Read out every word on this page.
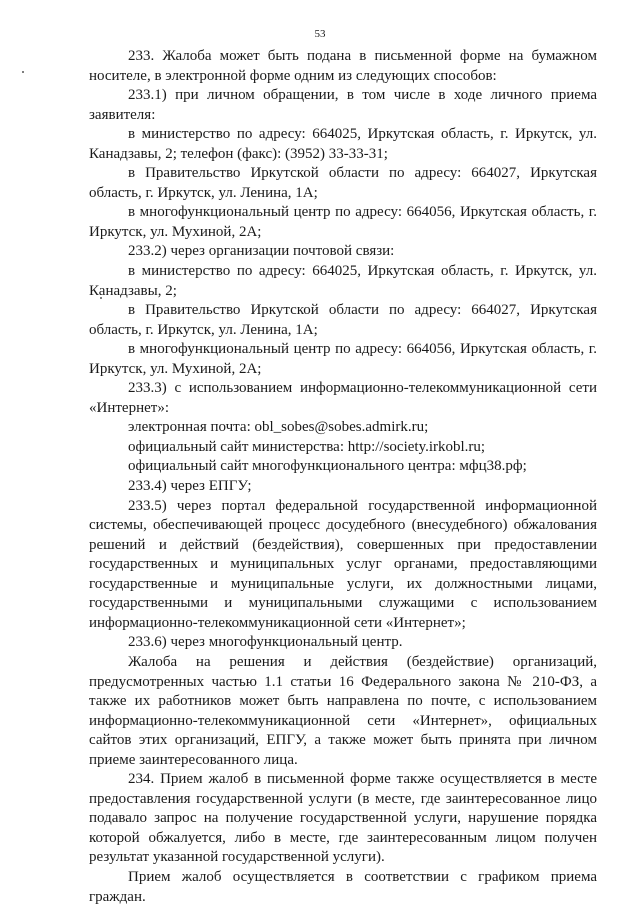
53

233. Жалоба может быть подана в письменной форме на бумажном носителе, в электронной форме одним из следующих способов:

233.1) при личном обращении, в том числе в ходе личного приема заявителя:

в министерство по адресу: 664025, Иркутская область, г. Иркутск, ул. Канадзавы, 2; телефон (факс): (3952) 33-33-31;

в Правительство Иркутской области по адресу: 664027, Иркутская область, г. Иркутск, ул. Ленина, 1А;

в многофункциональный центр по адресу: 664056, Иркутская область, г. Иркутск, ул. Мухиной, 2А;

233.2) через организации почтовой связи:

в министерство по адресу: 664025, Иркутская область, г. Иркутск, ул. Канадзавы, 2;

в Правительство Иркутской области по адресу: 664027, Иркутская область, г. Иркутск, ул. Ленина, 1А;

в многофункциональный центр по адресу: 664056, Иркутская область, г. Иркутск, ул. Мухиной, 2А;

233.3) с использованием информационно-телекоммуникационной сети «Интернет»:

электронная почта: obl_sobes@sobes.admirk.ru;

официальный сайт министерства: http://society.irkobl.ru;

официальный сайт многофункционального центра: мфц38.рф;

233.4) через ЕПГУ;

233.5) через портал федеральной государственной информационной системы, обеспечивающей процесс досудебного (внесудебного) обжалования решений и действий (бездействия), совершенных при предоставлении государственных и муниципальных услуг органами, предоставляющими государственные и муниципальные услуги, их должностными лицами, государственными и муниципальными служащими с использованием информационно-телекоммуникационной сети «Интернет»;

233.6) через многофункциональный центр.

Жалоба на решения и действия (бездействие) организаций, предусмотренных частью 1.1 статьи 16 Федерального закона № 210-ФЗ, а также их работников может быть направлена по почте, с использованием информационно-телекоммуникационной сети «Интернет», официальных сайтов этих организаций, ЕПГУ, а также может быть принята при личном приеме заинтересованного лица.

234. Прием жалоб в письменной форме также осуществляется в месте предоставления государственной услуги (в месте, где заинтересованное лицо подавало запрос на получение государственной услуги, нарушение порядка которой обжалуется, либо в месте, где заинтересованным лицом получен результат указанной государственной услуги).

Прием жалоб осуществляется в соответствии с графиком приема граждан.
